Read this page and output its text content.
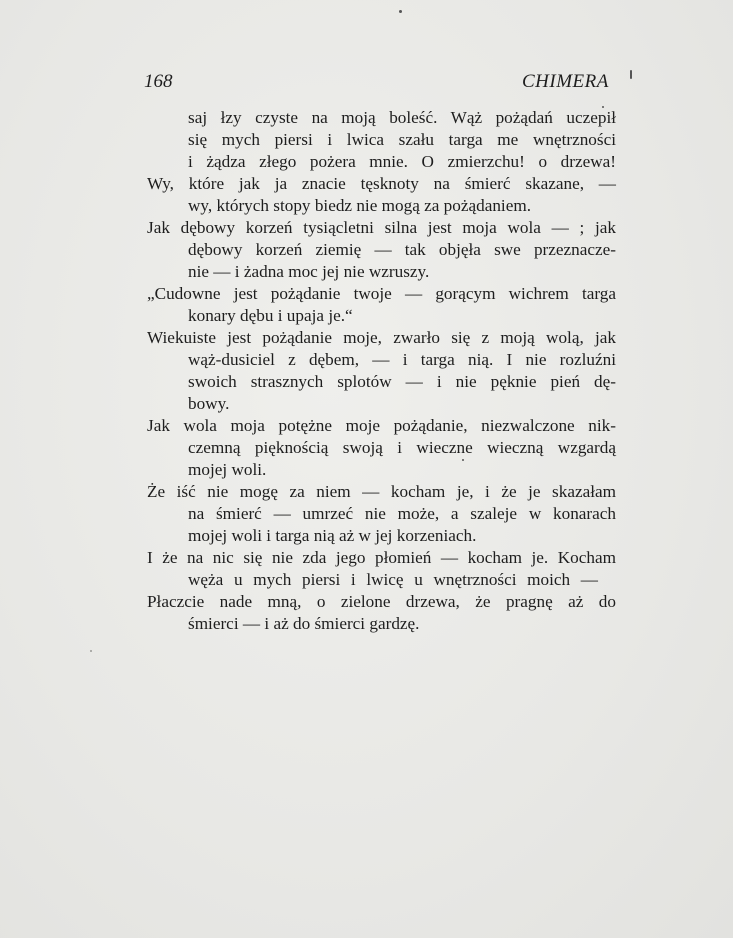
168	CHIMERA
saj łzy czyste na moją boleść. Wąż pożądań uczepił
się mych piersi i lwica szału targa me wnętrzności
i żądza złego pożera mnie. O zmierzchu! o drzewa!
Wy, które jak ja znacie tęsknoty na śmierć skazane, —
wy, których stopy biedz nie mogą za pożądaniem.
Jak dębowy korzeń tysiącletni silna jest moja wola — ; jak
dębowy korzeń ziemię — tak objęła swe przeznacze-
nie — i żadna moc jej nie wzruszy.
„Cudowne jest pożądanie twoje — gorącym wichrem targa
konary dębu i upaja je.“
Wiekuiste jest pożądanie moje, zwarło się z moją wolą, jak
wąż-dusiciel z dębem, — i targa nią. I nie rozluźni
swoich strasznych splotów — i nie pęknie pień dę-
bowy.
Jak wola moja potężne moje pożądanie, niezwalczone nik-
czemną pięknością swoją i wieczne wieczną wzgardą
mojej woli.
Że iść nie mogę za niem — kocham je, i że je skazałam
na śmierć — umrzeć nie może, a szaleje w konarach
mojej woli i targa nią aż w jej korzeniach.
I że na nic się nie zda jego płomień — kocham je. Kocham
węża u mych piersi i lwicę u wnętrzności moich —
Płaczcie nade mną, o zielone drzewa, że pragnę aż do
śmierci — i aż do śmierci gardzę.
